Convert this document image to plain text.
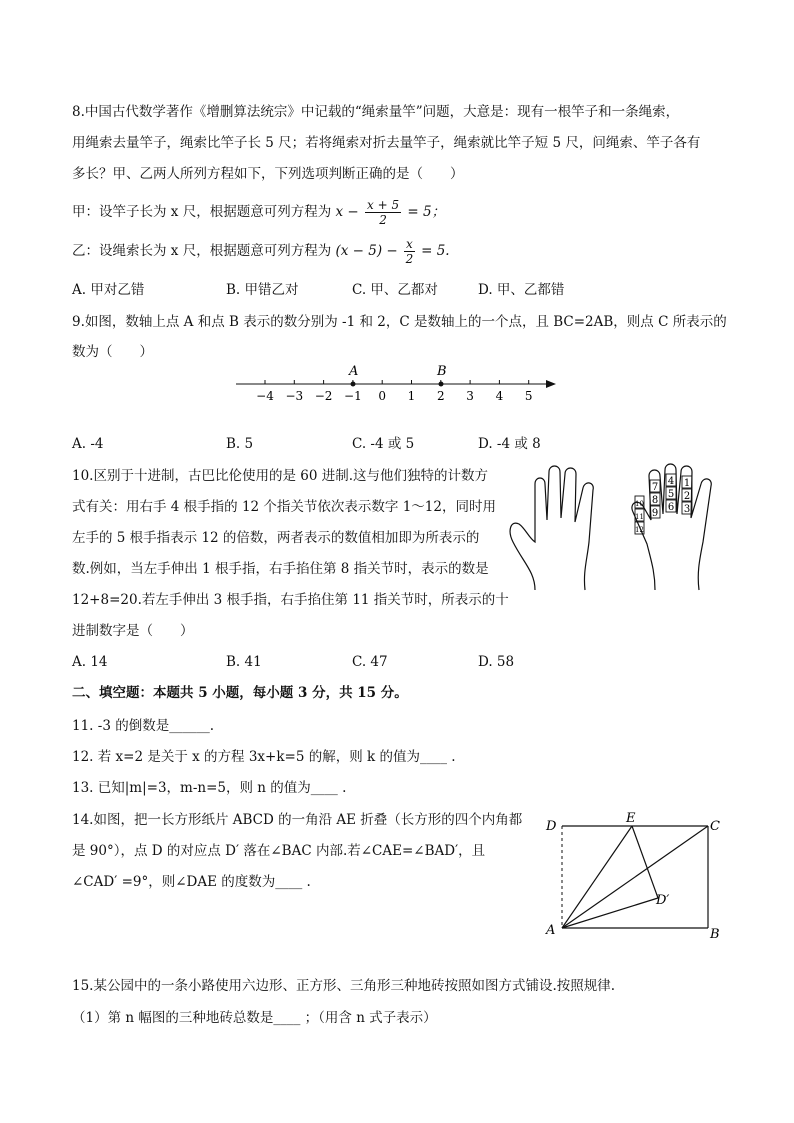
8.中国古代数学著作《增删算法统宗》中记载的“绳索量竿”问题，大意是：现有一根竿子和一条绳索，
用绳索去量竿子，绳索比竿子长 5 尺；若将绳索对折去量竿子，绳索就比竿子短 5 尺，问绳索、竿子各有
多长？甲、乙两人所列方程如下，下列选项判断正确的是（　　）
甲：设竿子长为 x 尺，根据题意可列方程为 $x - \frac{x + 5}{2} = 5$；
乙：设绳索长为 x 尺，根据题意可列方程为 $(x - 5) - \frac{x}{2} = 5$.
A. 甲对乙错	B. 甲错乙对	C. 甲、乙都对	D. 甲、乙都错
9.如图，数轴上点 A 和点 B 表示的数分别为 -1 和 2，C 是数轴上的一个点，且 BC=2AB，则点 C 所表示的
数为（　　）
−4 −3 −2 −1 0 1 2 3 4 5
A	B
A. -4	B. 5	C. -4 或 5	D. -4 或 8
10.区别于十进制，古巴比伦使用的是 60 进制.这与他们独特的计数方
式有关：用右手 4 根手指的 12 个指关节依次表示数字 1～12，同时用
左手的 5 根手指表示 12 的倍数，两者表示的数值相加即为所表示的
数.例如，当左手伸出 1 根手指，右手掐住第 8 指关节时，表示的数是
12+8=20.若左手伸出 3 根手指，右手掐住第 11 指关节时，所表示的十
进制数字是（　　）
7
8
9
4
5
6
1
2
3
10
11
12
A. 14	B. 41	C. 47	D. 58
二、填空题：本题共 5 小题，每小题 3 分，共 15 分。
11. -3 的倒数是______.
12. 若 x=2 是关于 x 的方程 3x+k=5 的解，则 k 的值为____ .
13. 已知|m|=3，m-n=5，则 n 的值为____ .
14.如图，把一长方形纸片 ABCD 的一角沿 AE 折叠（长方形的四个内角都
是 90°），点 D 的对应点 D′ 落在∠BAC 内部.若∠CAE=∠BAD′，且
∠CAD′ =9°，则∠DAE 的度数为____ .
D
E
C
D′
A	B
15.某公园中的一条小路使用六边形、正方形、三角形三种地砖按照如图方式铺设.按照规律.
（1）第 n 幅图的三种地砖总数是____ ；（用含 n 式子表示）
